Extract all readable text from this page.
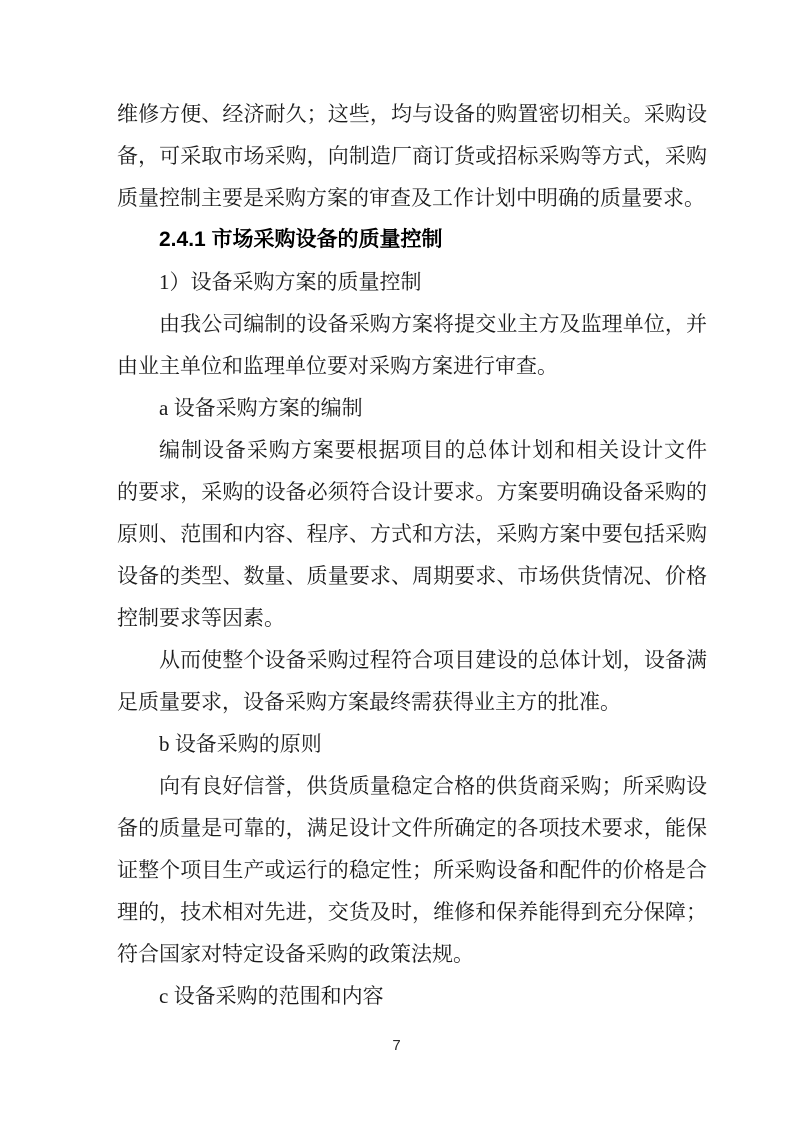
维修方便、经济耐久；这些，均与设备的购置密切相关。采购设
备，可采取市场采购，向制造厂商订货或招标采购等方式，采购
质量控制主要是采购方案的审查及工作计划中明确的质量要求。
2.4.1 市场采购设备的质量控制
1）设备采购方案的质量控制
由我公司编制的设备采购方案将提交业主方及监理单位，并
由业主单位和监理单位要对采购方案进行审查。
a 设备采购方案的编制
编制设备采购方案要根据项目的总体计划和相关设计文件
的要求，采购的设备必须符合设计要求。方案要明确设备采购的
原则、范围和内容、程序、方式和方法，采购方案中要包括采购
设备的类型、数量、质量要求、周期要求、市场供货情况、价格
控制要求等因素。
从而使整个设备采购过程符合项目建设的总体计划，设备满
足质量要求，设备采购方案最终需获得业主方的批准。
b 设备采购的原则
向有良好信誉，供货质量稳定合格的供货商采购；所采购设
备的质量是可靠的，满足设计文件所确定的各项技术要求，能保
证整个项目生产或运行的稳定性；所采购设备和配件的价格是合
理的，技术相对先进，交货及时，维修和保养能得到充分保障；
符合国家对特定设备采购的政策法规。
c 设备采购的范围和内容
7
